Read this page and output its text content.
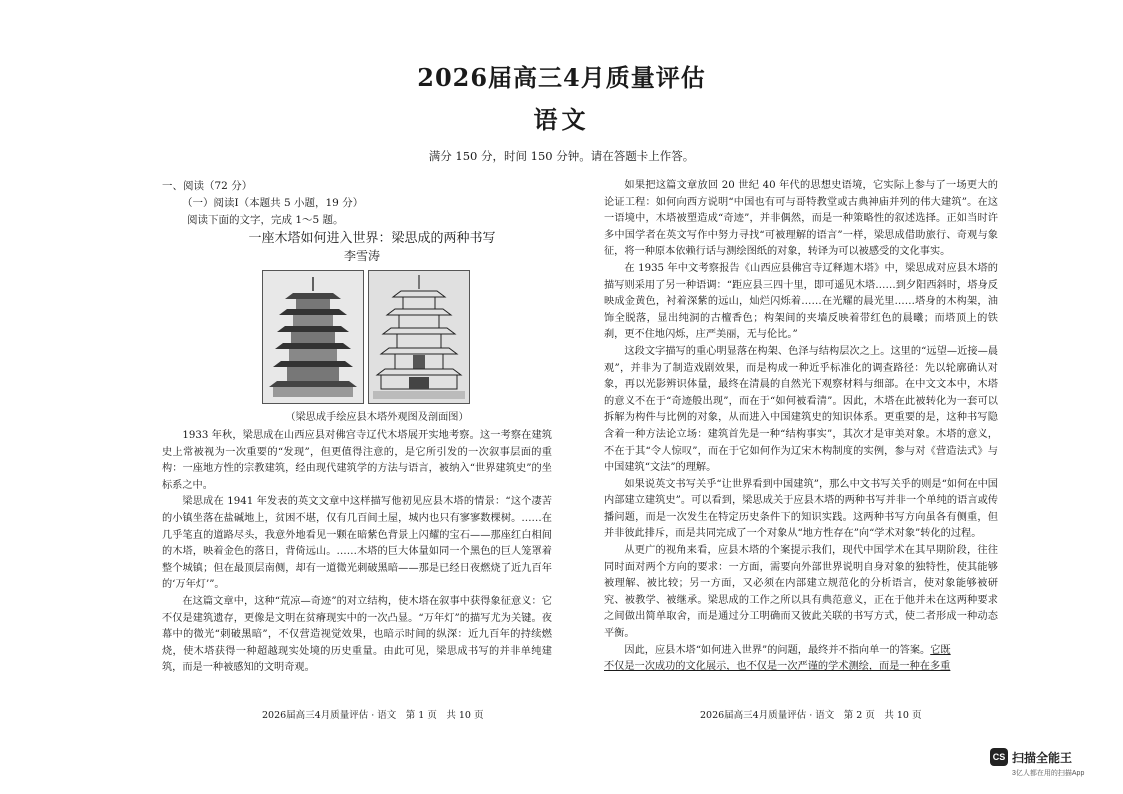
2026届高三4月质量评估
语文
满分 150 分，时间 150 分钟。请在答题卡上作答。
一、阅读（72 分）
（一）阅读Ⅰ（本题共 5 小题，19 分）
阅读下面的文字，完成 1～5 题。
一座木塔如何进入世界：梁思成的两种书写
李雪涛
（梁思成手绘应县木塔外观图及剖面图）

1933 年秋，梁思成在山西应县对佛宫寺辽代木塔展开实地考察。这一考察在建筑史上常被视为一次重要的“发现”，但更值得注意的，是它所引发的一次叙事层面的重构：一座地方性的宗教建筑，经由现代建筑学的方法与语言，被纳入“世界建筑史”的坐标系之中。

梁思成在 1941 年发表的英文文章中这样描写他初见应县木塔的情景：“这个凄苦的小镇坐落在盐碱地上，贫困不堪，仅有几百间土屋，城内也只有寥寥数棵树。……在几乎笔直的道路尽头，我意外地看见一颗在暗紫色背景上闪耀的宝石——那座红白相间的木塔，映着金色的落日，背倚远山。……木塔的巨大体量如同一个黑色的巨人笼罩着整个城镇；但在最顶层南侧，却有一道微光刺破黑暗——那是已经日夜燃烧了近九百年的‘万年灯’”。

在这篇文章中，这种“荒凉—奇迹”的对立结构，使木塔在叙事中获得象征意义：它不仅是建筑遗存，更像是文明在贫瘠现实中的一次凸显。“万年灯”的描写尤为关键。夜幕中的微光“刺破黑暗”，不仅营造视觉效果，也暗示时间的纵深：近九百年的持续燃烧，使木塔获得一种超越现实处境的历史重量。由此可见，梁思成书写的并非单纯建筑，而是一种被感知的文明奇观。

如果把这篇文章放回 20 世纪 40 年代的思想史语境，它实际上参与了一场更大的论证工程：如何向西方说明“中国也有可与哥特教堂或古典神庙并列的伟大建筑”。在这一语境中，木塔被塑造成“奇迹”，并非偶然，而是一种策略性的叙述选择。正如当时许多中国学者在英文写作中努力寻找“可被理解的语言”一样，梁思成借助旅行、奇观与象征，将一种原本依赖行话与测绘图纸的对象，转译为可以被感受的文化事实。

在 1935 年中文考察报告《山西应县佛宫寺辽释迦木塔》中，梁思成对应县木塔的描写则采用了另一种语调：“距应县三四十里，即可遥见木塔……到夕阳西斜时，塔身反映成金黄色，衬着深紫的远山，灿烂闪烁着……在光耀的晨光里……塔身的木构架，油饰全脱落，显出纯洞的古檀香色；构架间的夹墙反映着带红色的晨曦；而塔顶上的铁刹，更不住地闪烁，庄严美丽，无与伦比。”

这段文字描写的重心明显落在构架、色泽与结构层次之上。这里的“远望—近接—晨观”，并非为了制造戏剧效果，而是构成一种近乎标准化的调查路径：先以轮廓确认对象，再以光影辨识体量，最终在清晨的自然光下观察材料与细部。在中文文本中，木塔的意义不在于“奇迹般出现”，而在于“如何被看清”。因此，木塔在此被转化为一套可以拆解为构件与比例的对象，从而进入中国建筑史的知识体系。更重要的是，这种书写隐含着一种方法论立场：建筑首先是一种“结构事实”，其次才是审美对象。木塔的意义，不在于其“令人惊叹”，而在于它如何作为辽宋木构制度的实例，参与对《营造法式》与中国建筑“文法”的理解。

如果说英文书写关乎“让世界看到中国建筑”，那么中文书写关乎的则是“如何在中国内部建立建筑史”。可以看到，梁思成关于应县木塔的两种书写并非一个单纯的语言或传播问题，而是一次发生在特定历史条件下的知识实践。这两种书写方向虽各有侧重，但并非彼此排斥，而是共同完成了一个对象从“地方性存在”向“学术对象”转化的过程。

从更广的视角来看，应县木塔的个案提示我们，现代中国学术在其早期阶段，往往同时面对两个方向的要求：一方面，需要向外部世界说明自身对象的独特性，使其能够被理解、被比较；另一方面，又必须在内部建立规范化的分析语言，使对象能够被研究、被教学、被继承。梁思成的工作之所以具有典范意义，正在于他并未在这两种要求之间做出简单取舍，而是通过分工明确而又彼此关联的书写方式，使二者形成一种动态平衡。

因此，应县木塔“如何进入世界”的问题，最终并不指向单一的答案。它既
不仅是一次成功的文化展示，也不仅是一次严谨的学术测绘，而是一种在多重

2026届高三4月质量评估 · 语文　第 1 页　共 10 页	2026届高三4月质量评估 · 语文　第 2 页　共 10 页
CS 扫描全能王
3亿人都在用的扫描App
